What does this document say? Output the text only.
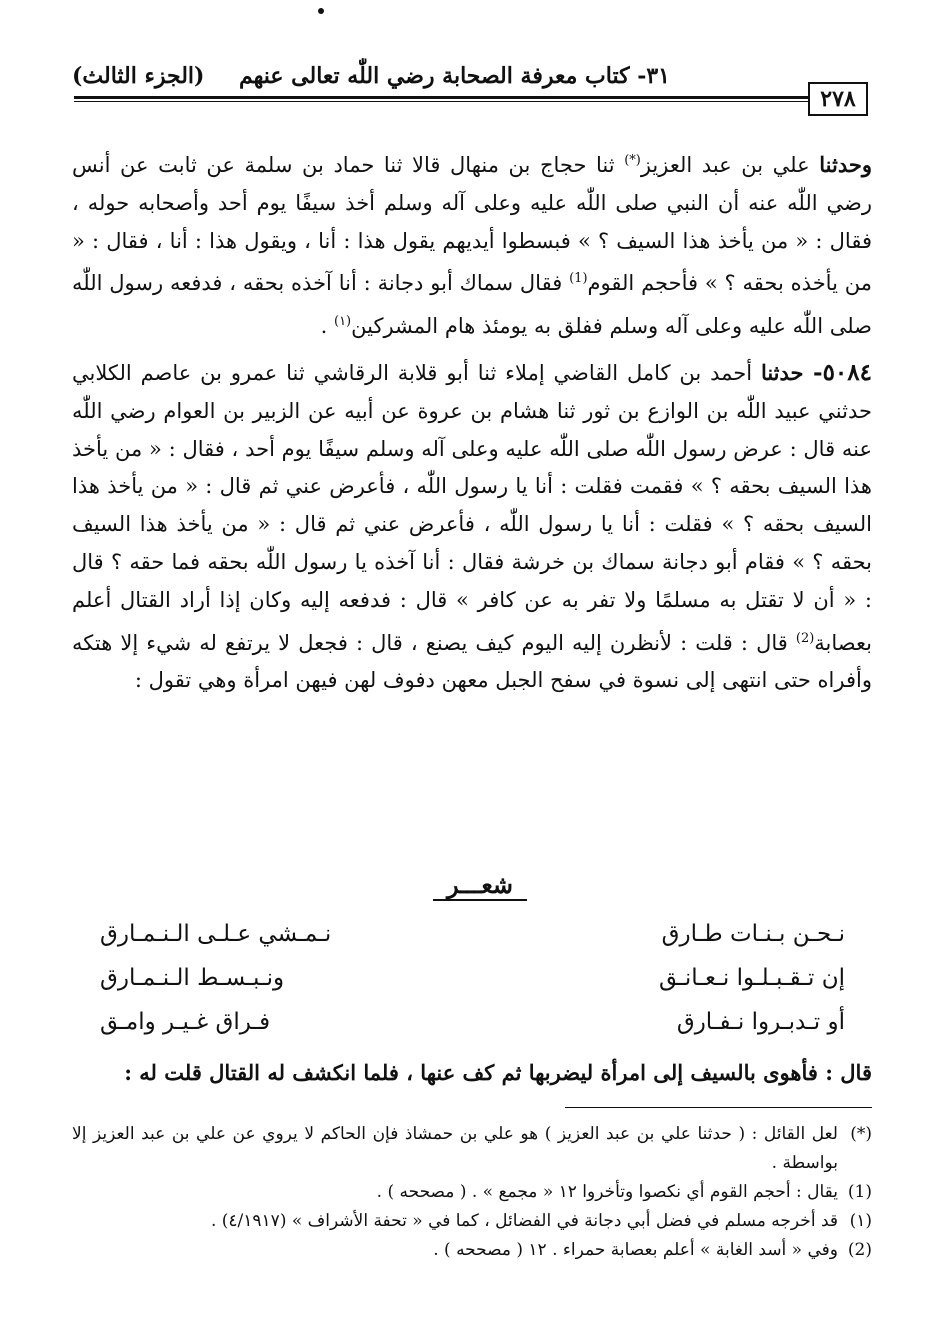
٣١- كتاب معرفة الصحابة رضي اللّٰه تعالى عنهم
(الجزء الثالث)
٢٧٨

وحدثنا علي بن عبد العزيز(*) ثنا حجاج بن منهال قالا ثنا حماد بن سلمة عن ثابت عن أنس رضي اللّٰه عنه أن النبي صلى اللّٰه عليه وعلى آله وسلم أخذ سيفًا يوم أحد وأصحابه حوله ، فقال : « من يأخذ هذا السيف ؟ » فبسطوا أيديهم يقول هذا : أنا ، ويقول هذا : أنا ، فقال : « من يأخذه بحقه ؟ » فأحجم القوم$^{(1)}$ فقال سماك أبو دجانة : أنا آخذه بحقه ، فدفعه رسول اللّٰه صلى اللّٰه عليه وعلى آله وسلم ففلق به يومئذ هام المشركين$^{(١)}$ .

٥٠٨٤- حدثنا أحمد بن كامل القاضي إملاء ثنا أبو قلابة الرقاشي ثنا عمرو بن عاصم الكلابي حدثني عبيد اللّٰه بن الوازع بن ثور ثنا هشام بن عروة عن أبيه عن الزبير بن العوام رضي اللّٰه عنه قال : عرض رسول اللّٰه صلى اللّٰه عليه وعلى آله وسلم سيفًا يوم أحد ، فقال : « من يأخذ هذا السيف بحقه ؟ » فقمت فقلت : أنا يا رسول اللّٰه ، فأعرض عني ثم قال : « من يأخذ هذا السيف بحقه ؟ » فقلت : أنا يا رسول اللّٰه ، فأعرض عني ثم قال : « من يأخذ هذا السيف بحقه ؟ » فقام أبو دجانة سماك بن خرشة فقال : أنا آخذه يا رسول اللّٰه بحقه فما حقه ؟ قال : « أن لا تقتل به مسلمًا ولا تفر به عن كافر » قال : فدفعه إليه وكان إذا أراد القتال أعلم بعصابة$^{(2)}$ قال : قلت : لأنظرن إليه اليوم كيف يصنع ، قال : فجعل لا يرتفع له شيء إلا هتكه وأفراه حتى انتهى إلى نسوة في سفح الجبل معهن دفوف لهن فيهن امرأة وهي تقول :

شعـــر
نـحـن بـنـات طـارق
نـمـشي عـلـى الـنـمـارق
إن تـقـبـلـوا نـعـانـق
ونـبـسـط الـنـمـارق
أو تـدبـروا نـفـارق
فـراق غـيـر وامـق
قال : فأهوى بالسيف إلى امرأة ليضربها ثم كف عنها ، فلما انكشف له القتال قلت له :
(*)
لعل القائل : ( حدثنا علي بن عبد العزيز ) هو علي بن حمشاذ فإن الحاكم لا يروي عن علي بن عبد العزيز إلا بواسطة .
(1)
يقال : أحجم القوم أي نكصوا وتأخروا ١٢ « مجمع » . ( مصححه ) .
(١)
قد أخرجه مسلم في فضل أبي دجانة في الفضائل ، كما في « تحفة الأشراف » (٤/١٩١٧) .
(2)
وفي « أسد الغابة » أعلم بعصابة حمراء . ١٢ ( مصححه ) .
